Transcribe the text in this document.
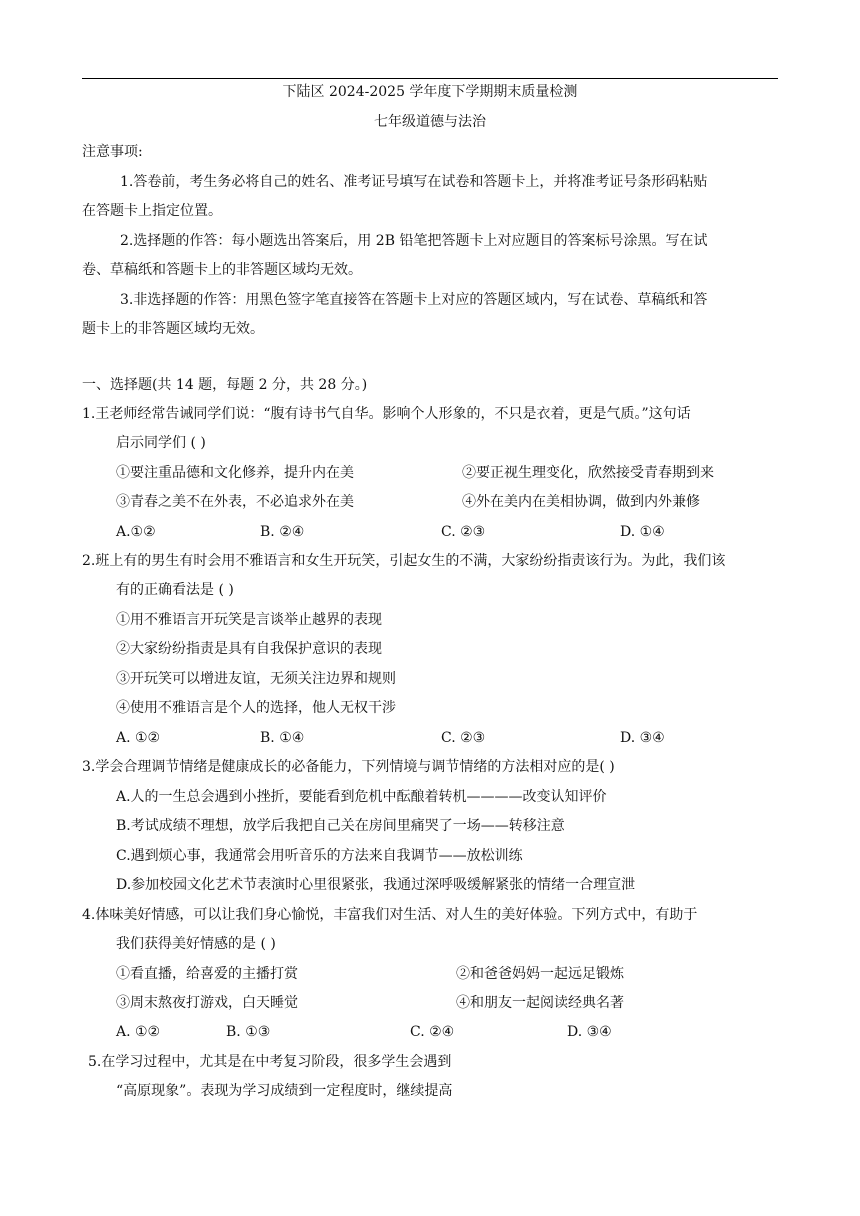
下陆区 2024-2025 学年度下学期期末质量检测
七年级道德与法治
注意事项:
1.答卷前，考生务必将自己的姓名、准考证号填写在试卷和答题卡上，并将准考证号条形码粘贴
在答题卡上指定位置。
2.选择题的作答：每小题选出答案后，用 2B 铅笔把答题卡上对应题目的答案标号涂黑。写在试
卷、草稿纸和答题卡上的非答题区域均无效。
3.非选择题的作答：用黑色签字笔直接答在答题卡上对应的答题区域内，写在试卷、草稿纸和答
题卡上的非答题区域均无效。
一、选择题(共 14 题，每题 2 分，共 28 分。)
1.王老师经常告诫同学们说：“腹有诗书气自华。影响个人形象的，不只是衣着，更是气质。”这句话
启示同学们 ( )
①要注重品德和文化修养，提升内在美	②要正视生理变化，欣然接受青春期到来
③青春之美不在外表，不必追求外在美	④外在美内在美相协调，做到内外兼修
A.①②	B. ②④	C. ②③	D. ①④
2.班上有的男生有时会用不雅语言和女生开玩笑，引起女生的不满，大家纷纷指责该行为。为此，我们该
有的正确看法是 ( )
①用不雅语言开玩笑是言谈举止越界的表现
②大家纷纷指责是具有自我保护意识的表现
③开玩笑可以增进友谊，无须关注边界和规则
④使用不雅语言是个人的选择，他人无权干涉
A. ①②	B. ①④	C. ②③	D. ③④
3.学会合理调节情绪是健康成长的必备能力，下列情境与调节情绪的方法相对应的是( )
A.人的一生总会遇到小挫折，要能看到危机中酝酿着转机————改变认知评价
B.考试成绩不理想，放学后我把自己关在房间里痛哭了一场——转移注意
C.遇到烦心事，我通常会用听音乐的方法来自我调节——放松训练
D.参加校园文化艺术节表演时心里很紧张，我通过深呼吸缓解紧张的情绪一合理宣泄
4.体味美好情感，可以让我们身心愉悦，丰富我们对生活、对人生的美好体验。下列方式中，有助于
我们获得美好情感的是 ( )
①看直播，给喜爱的主播打赏	②和爸爸妈妈一起远足锻炼
③周末熬夜打游戏，白天睡觉	④和朋友一起阅读经典名著
A. ①②	B. ①③	C. ②④	D. ③④
5.在学习过程中，尤其是在中考复习阶段，很多学生会遇到
“高原现象”。表现为学习成绩到一定程度时，继续提高
